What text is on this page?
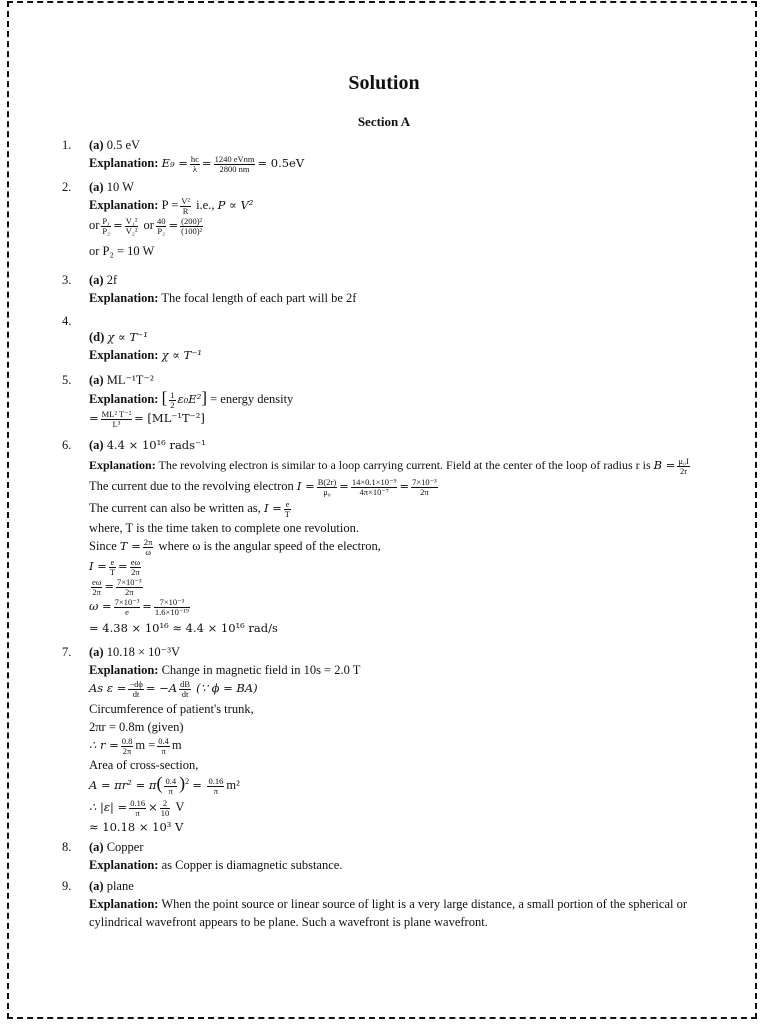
Solution
Section A
1.	(a) 0.5 eV
Explanation: $E_9 = \frac{hc}{\lambda} = \frac{\text{1240 eVnm}}{2800 nm} = 0.5eV$
2.	(a) 10 W
Explanation: $P = \frac{\text{V²}}{R} i.e$., P ∝ V²
or $\frac{\text{P₁}}{\text{P₂}} = \frac{\text{V₁²}}{\text{V₂²}}$ or $\frac{40}{\text{P₂}} = \frac{\text{(200)²}}{\text{(100)²}}$
or P₂ = 10 W
3.	(a) 2f
Explanation: The focal length of each part will be 2f
4.
(d) χ ∝ T⁻¹
Explanation: χ ∝ T⁻¹
5.	(a) ML⁻¹T⁻²
Explanation: [ $\frac{1}{2} \varepsilon_0E^2$] = energy density
= $\frac{\text{ML² T⁻²}}{\text{L³}} = [ML^{-1}T^{-2}]$
6.	(a) 4.4 × 10¹⁶ rads⁻¹
Explanation: The revolving electron is similar to a loop carrying current. Field at the center of the loop of radius r is $B = \frac{\text{μ₀I}}{2r}$
The current due to the revolving electron $I = \frac{B(2r)}{\text{μ₀}} = \frac{\text{14×0.1×10⁻⁹}}{\text{4π×10⁻⁷}} = \frac{\text{7×10⁻³}}{2\pi}$
The current can also be written as, $I = \frac{e}{T}$
where, T is the time taken to complete one revolution.
Since $T = \frac{2\pi}{\omega}$ where ω is the angular speed of the electron,
$I = \frac{e}{T} = \frac{e\omega}{2\pi}$
$\frac{e\omega}{2\pi} = \frac{\text{7×10⁻³}}{2\pi}$
$\omega = \frac{\text{7×10⁻³}}{e} = \frac{\text{7×10⁻³}}{\text{1.6×10⁻¹⁹}}$
= 4.38 × 10¹⁶ ≈ 4.4 × 10¹⁶ rad/s
7.	(a) 10.18 × 10⁻³V
Explanation: Change in magnetic field in 10s = 2.0 T
As $\varepsilon = \frac{-d\phi}{dt} = -A \frac{dB}{dt}$ (∵ ϕ = BA)
Circumference of patient's trunk,
2πr = 0.8m (given)
∴ $r = \frac{0.8}{2\pi}$ $m = \frac{0.4}{\pi}$ m
Area of cross-section,
$A = \pi r^2 = \pi( \frac{0.4}{\pi} )^2 = \frac{0.16}{\pi} m^2$
∴ $|\varepsilon| = \frac{0.16}{\pi} \times \frac{2}{10}$ V
≈ 10.18 × 10³ V
8.	(a) Copper
Explanation: as Copper is diamagnetic substance.
9.	(a) plane
Explanation: When the point source or linear source of light is a very large distance, a small portion of the spherical or cylindrical wavefront appears to be plane. Such a wavefront is plane wavefront.
